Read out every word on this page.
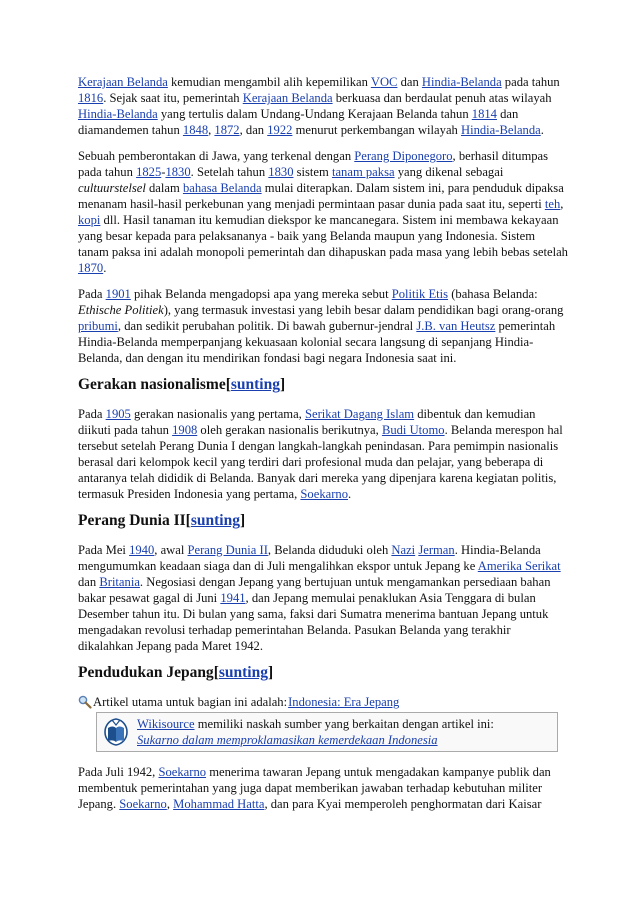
Kerajaan Belanda kemudian mengambil alih kepemilikan VOC dan Hindia-Belanda pada tahun 1816. Sejak saat itu, pemerintah Kerajaan Belanda berkuasa dan berdaulat penuh atas wilayah Hindia-Belanda yang tertulis dalam Undang-Undang Kerajaan Belanda tahun 1814 dan diamandemen tahun 1848, 1872, dan 1922 menurut perkembangan wilayah Hindia-Belanda.

Sebuah pemberontakan di Jawa, yang terkenal dengan Perang Diponegoro, berhasil ditumpas pada tahun 1825-1830. Setelah tahun 1830 sistem tanam paksa yang dikenal sebagai cultuurstelsel dalam bahasa Belanda mulai diterapkan. Dalam sistem ini, para penduduk dipaksa menanam hasil-hasil perkebunan yang menjadi permintaan pasar dunia pada saat itu, seperti teh, kopi dll. Hasil tanaman itu kemudian diekspor ke mancanegara. Sistem ini membawa kekayaan yang besar kepada para pelaksananya - baik yang Belanda maupun yang Indonesia. Sistem tanam paksa ini adalah monopoli pemerintah dan dihapuskan pada masa yang lebih bebas setelah 1870.

Pada 1901 pihak Belanda mengadopsi apa yang mereka sebut Politik Etis (bahasa Belanda: Ethische Politiek), yang termasuk investasi yang lebih besar dalam pendidikan bagi orang-orang pribumi, dan sedikit perubahan politik. Di bawah gubernur-jendral J.B. van Heutsz pemerintah Hindia-Belanda memperpanjang kekuasaan kolonial secara langsung di sepanjang Hindia-Belanda, dan dengan itu mendirikan fondasi bagi negara Indonesia saat ini.

Gerakan nasionalisme[sunting]

Pada 1905 gerakan nasionalis yang pertama, Serikat Dagang Islam dibentuk dan kemudian diikuti pada tahun 1908 oleh gerakan nasionalis berikutnya, Budi Utomo. Belanda merespon hal tersebut setelah Perang Dunia I dengan langkah-langkah penindasan. Para pemimpin nasionalis berasal dari kelompok kecil yang terdiri dari profesional muda dan pelajar, yang beberapa di antaranya telah dididik di Belanda. Banyak dari mereka yang dipenjara karena kegiatan politis, termasuk Presiden Indonesia yang pertama, Soekarno.

Perang Dunia II[sunting]

Pada Mei 1940, awal Perang Dunia II, Belanda diduduki oleh Nazi Jerman. Hindia-Belanda mengumumkan keadaan siaga dan di Juli mengalihkan ekspor untuk Jepang ke Amerika Serikat dan Britania. Negosiasi dengan Jepang yang bertujuan untuk mengamankan persediaan bahan bakar pesawat gagal di Juni 1941, dan Jepang memulai penaklukan Asia Tenggara di bulan Desember tahun itu. Di bulan yang sama, faksi dari Sumatra menerima bantuan Jepang untuk mengadakan revolusi terhadap pemerintahan Belanda. Pasukan Belanda yang terakhir dikalahkan Jepang pada Maret 1942.

Pendudukan Jepang[sunting]
Artikel utama untuk bagian ini adalah: Indonesia: Era Jepang
Wikisource memiliki naskah sumber yang berkaitan dengan artikel ini:
Sukarno dalam memproklamasikan kemerdekaan Indonesia

Pada Juli 1942, Soekarno menerima tawaran Jepang untuk mengadakan kampanye publik dan membentuk pemerintahan yang juga dapat memberikan jawaban terhadap kebutuhan militer Jepang. Soekarno, Mohammad Hatta, dan para Kyai memperoleh penghormatan dari Kaisar
